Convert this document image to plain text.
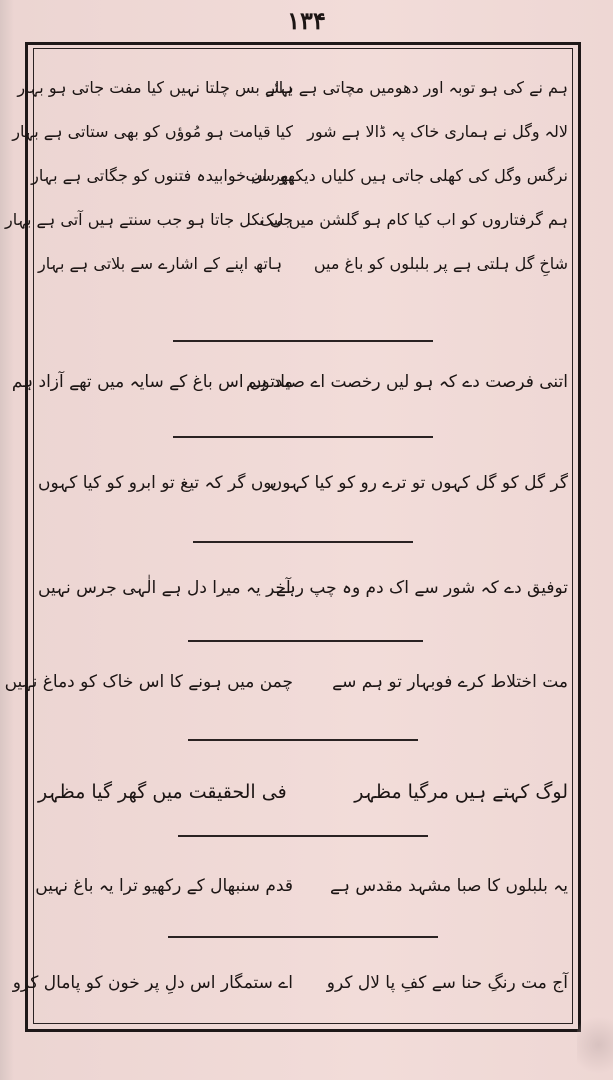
۱۳۴
ہم نے کی ہو توبہ اور دھومیں مچاتی ہے بہار
ہائے بس چلتا نہیں کیا مفت جاتی ہو بہار
لالہ وگل نے ہماری خاک پہ ڈالا ہے شور
کیا قیامت ہو مُوؤں کو بھی ستاتی ہے بہار
نرگس وگل کی کھلی جاتی ہیں کلیاں دیکھو سب
پھر ان خوابیدہ فتنوں کو جگاتی ہے بہار
ہم گرفتاروں کو اب کیا کام ہو گلشن میں لیک
جی نکل جاتا ہو جب سنتے ہیں آتی ہے بہار
شاخِ گل ہلتی ہے پر بلبلوں کو باغ میں
ہاتھ اپنے کے اشارے سے بلاتی ہے بہار
اتنی فرصت دے کہ ہو لیں رخصت اے صیاد ہم
مدتوں اس باغ کے سایہ میں تھے آزاد ہم
گر گل کو گل کہوں تو ترے رو کو کیا کہوں
بوں گر کہ تیغ تو ابرو کو کیا کہوں
توفیق دے کہ شور سے اک دم وہ چپ رہے
آخر یہ میرا دل ہے الٰہی جرس نہیں
مت اختلاط کرے فوبہار تو ہم سے
چمن میں ہونے کا اس خاک کو دماغ نہیں
لوگ کہتے ہیں مرگیا مظہر
فی الحقیقت میں گھر گیا مظہر
یہ بلبلوں کا صبا مشہد مقدس ہے
قدم سنبھال کے رکھیو ترا یہ باغ نہیں
آج مت رنگِ حنا سے کفِ پا لال کرو
اے ستمگار اس دلِ پر خون کو پامال کرو
